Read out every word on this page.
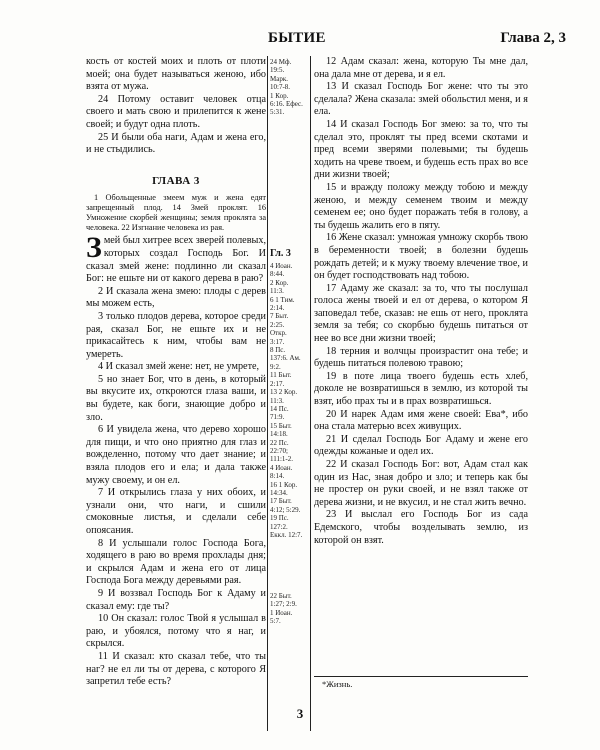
БЫТИЕ	Глава 2, 3

кость от костей моих и плоть от плоти моей; она будет называться женою, ибо взята от мужа.

24 Потому оставит человек отца своего и мать свою и прилепится к жене своей; и будут одна плоть.

25 И были оба наги, Адам и жена его, и не стыдились.

ГЛАВА 3

1 Обольщенные змеем муж и жена едят запрещенный плод. 14 Змей проклят. 16 Умножение скорбей женщины; земля проклята за человека. 22 Изгнание человека из рая.

Змей был хитрее всех зверей полевых, которых создал Господь Бог. И сказал змей жене: подлинно ли сказал Бог: не ешьте ни от какого дерева в раю?

2 И сказала жена змею: плоды с дерев мы можем есть,

3 только плодов дерева, которое среди рая, сказал Бог, не ешьте их и не прикасайтесь к ним, чтобы вам не умереть.

4 И сказал змей жене: нет, не умрете,

5 но знает Бог, что в день, в который вы вкусите их, откроются глаза ваши, и вы будете, как боги, знающие добро и зло.

6 И увидела жена, что дерево хорошо для пищи, и что оно приятно для глаз и вожделенно, потому что дает знание; и взяла плодов его и ела; и дала также мужу своему, и он ел.

7 И открылись глаза у них обоих, и узнали они, что наги, и сшили смоковные листья, и сделали себе опоясания.

8 И услышали голос Господа Бога, ходящего в раю во время прохлады дня; и скрылся Адам и жена его от лица Господа Бога между деревьями рая.

9 И воззвал Господь Бог к Адаму и сказал ему: где ты?

10 Он сказал: голос Твой я услышал в раю, и убоялся, потому что я наг, и скрылся.

11 И сказал: кто сказал тебе, что ты наг? не ел ли ты от дерева, с которого Я запретил тебе есть?

24 Мф.
19:5.
Марк.
10:7-8.
1 Кор.
6:16. Ефес.
5:31.
Гл. 3
4 Иоан.
8:44.
2 Кор.
11:3.
6 1 Тим.
2:14.
7 Быт.
2:25.
Откр.
3:17.
8 Пс.
137:6. Ам.
9:2.
11 Быт.
2:17.
13 2 Кор.
11:3.
14 Пс.
71:9.
15 Быт.
14:18.
22 Пс.
22:70;
111:1-2.
4 Иоан.
8:14.
16 1 Кор.
14:34.
17 Быт.
4:12; 5:29.
19 Пс.
127:2.
Еккл. 12:7.
22 Быт.
1:27; 2:9.
1 Иоан.
5:7.

12 Адам сказал: жена, которую Ты мне дал, она дала мне от дерева, и я ел.

13 И сказал Господь Бог жене: что ты это сделала? Жена сказала: змей обольстил меня, и я ела.

14 И сказал Господь Бог змею: за то, что ты сделал это, проклят ты пред всеми скотами и пред всеми зверями полевыми; ты будешь ходить на чреве твоем, и будешь есть прах во все дни жизни твоей;

15 и вражду положу между тобою и между женою, и между семенем твоим и между семенем ее; оно будет поражать тебя в голову, а ты будешь жалить его в пяту.

16 Жене сказал: умножая умножу скорбь твою в беременности твоей; в болезни будешь рождать детей; и к мужу твоему влечение твое, и он будет господствовать над тобою.

17 Адаму же сказал: за то, что ты послушал голоса жены твоей и ел от дерева, о котором Я заповедал тебе, сказав: не ешь от него, проклята земля за тебя; со скорбью будешь питаться от нее во все дни жизни твоей;

18 терния и волчцы произрастит она тебе; и будешь питаться полевою травою;

19 в поте лица твоего будешь есть хлеб, доколе не возвратишься в землю, из которой ты взят, ибо прах ты и в прах возвратишься.

20 И нарек Адам имя жене своей: Ева*, ибо она стала матерью всех живущих.

21 И сделал Господь Бог Адаму и жене его одежды кожаные и одел их.

22 И сказал Господь Бог: вот, Адам стал как один из Нас, зная добро и зло; и теперь как бы не простер он руки своей, и не взял также от дерева жизни, и не вкусил, и не стал жить вечно.

23 И выслал его Господь Бог из сада Едемского, чтобы возделывать землю, из которой он взят.

*Жизнь.
3
